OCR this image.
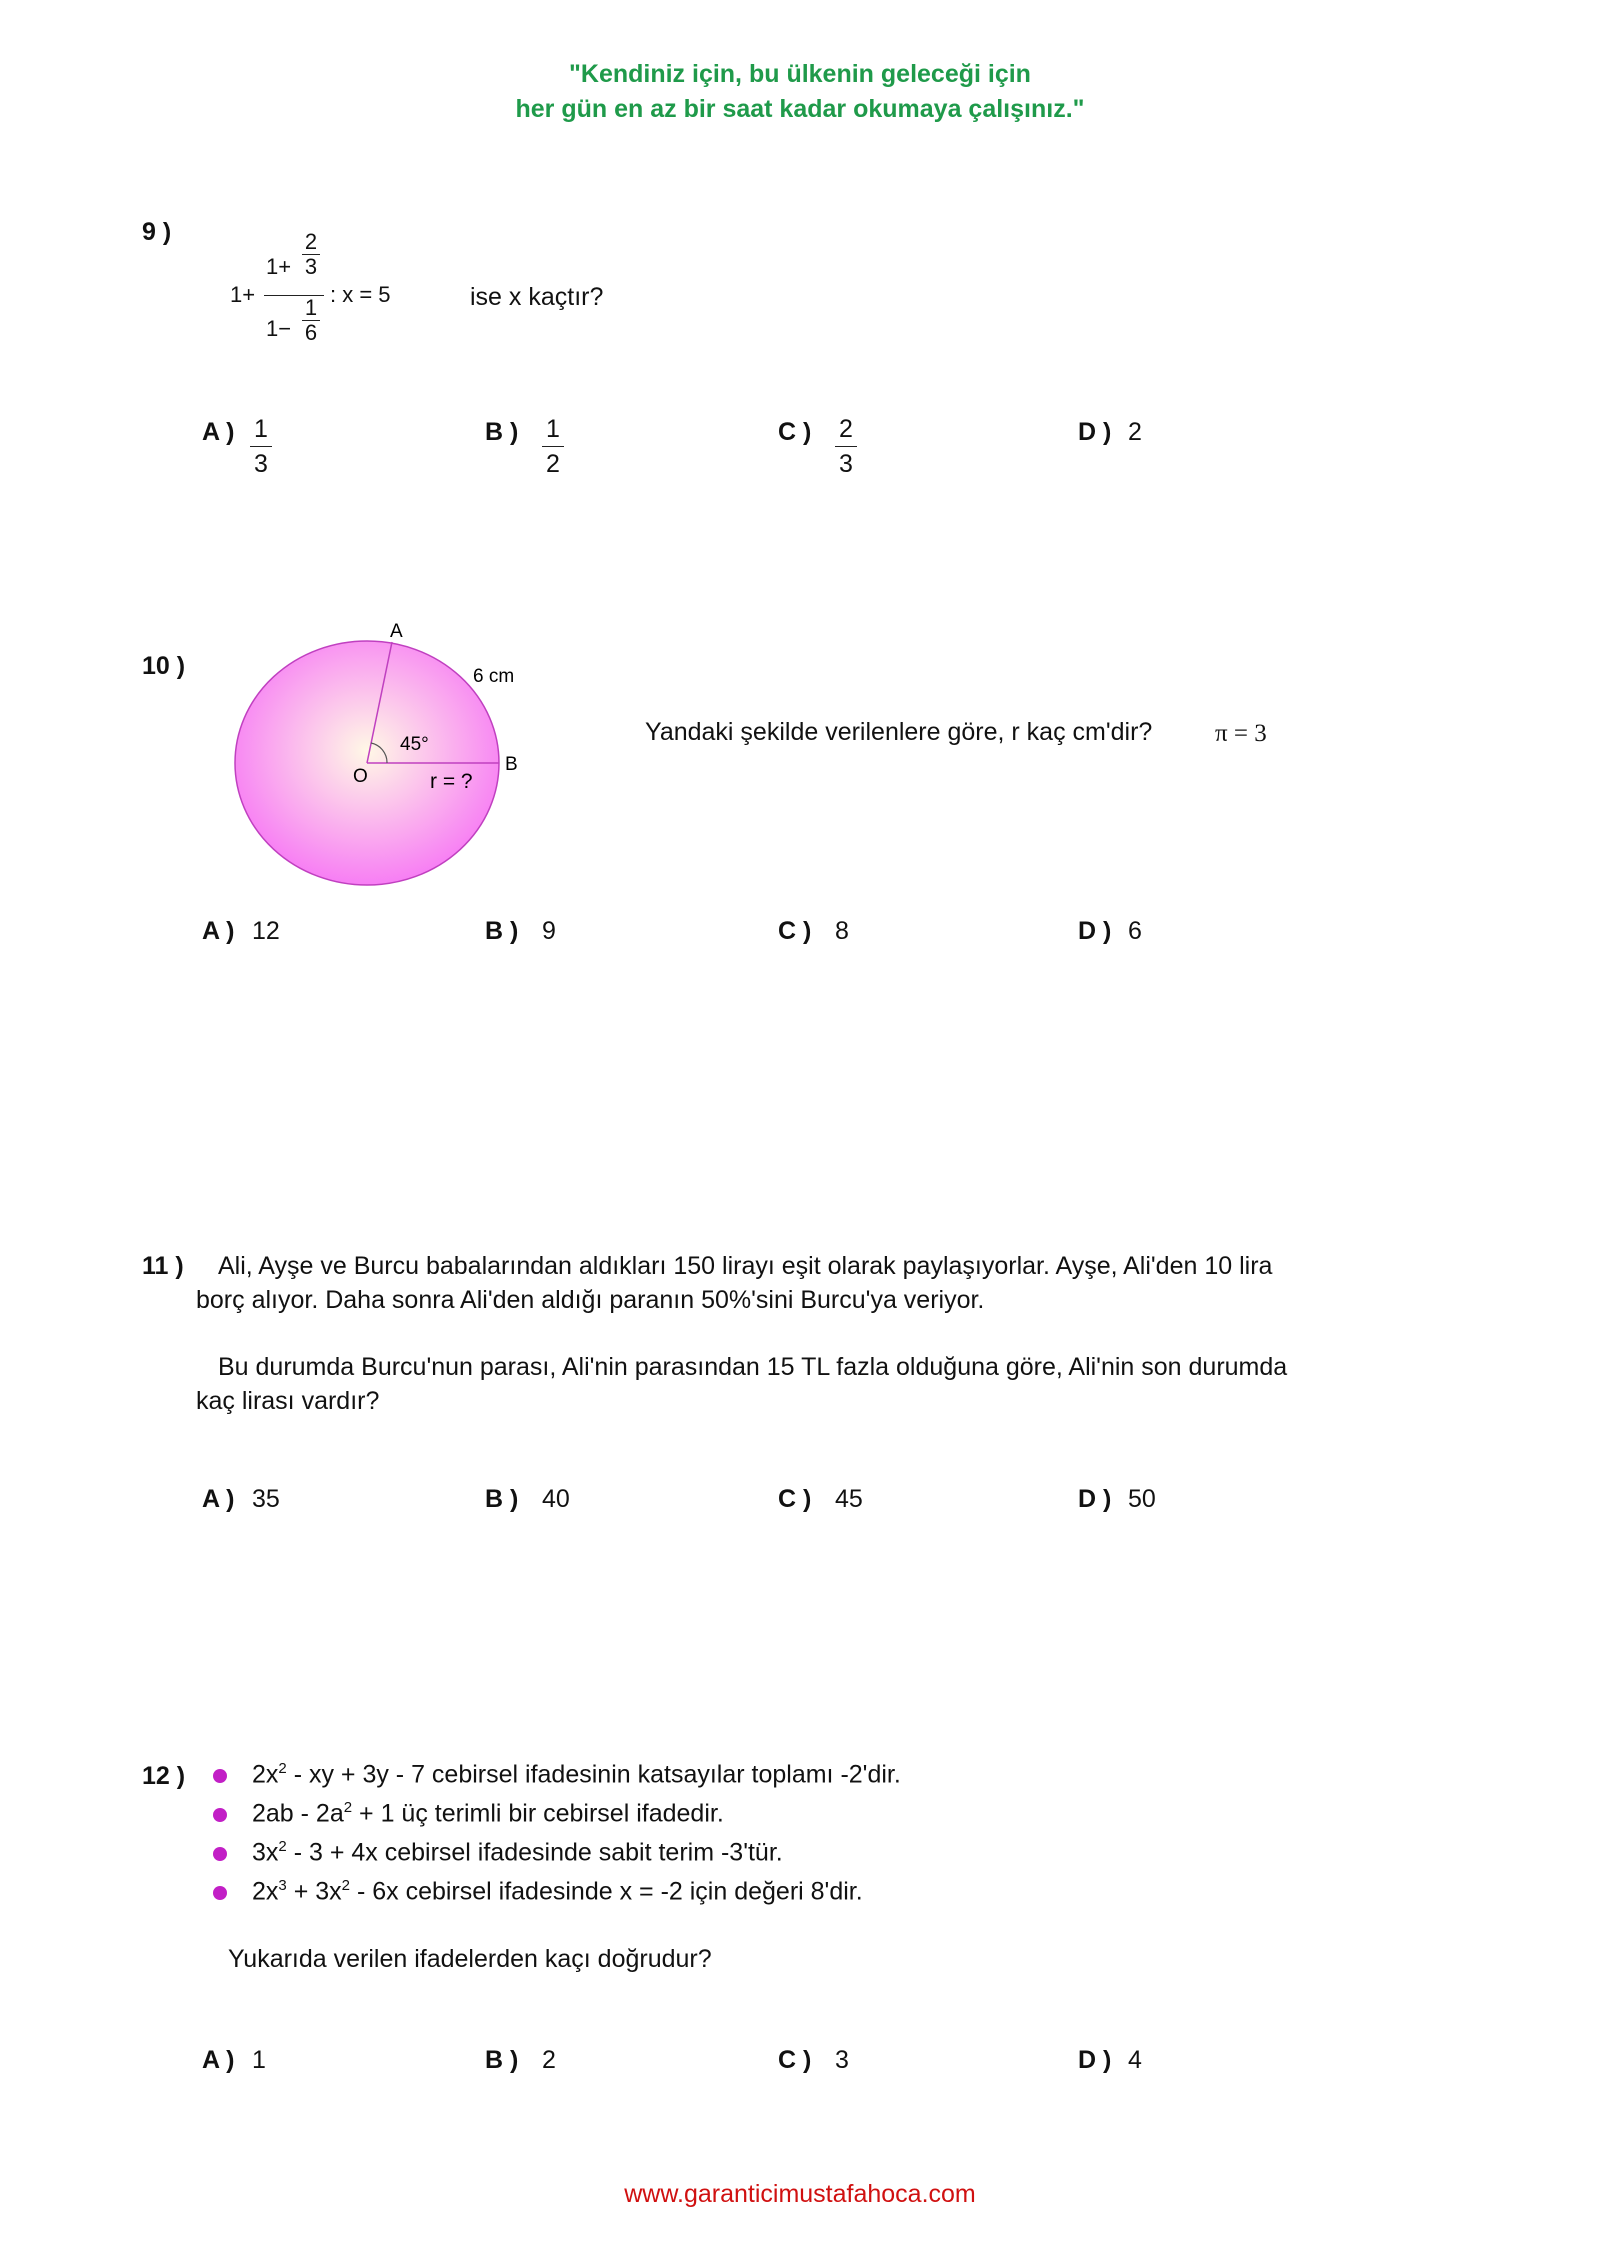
"Kendiniz için, bu ülkenin geleceği için
her gün en az bir saat kadar okumaya çalışınız."
9 )
1+
1+
2
3
1−
1
6
: x = 5	ise x kaçtır?
A ) 1
3
B ) 1
2
C ) 2
3
D ) 2
10 )
A
B
O
6 cm
45°
r = ?
Yandaki şekilde verilenlere göre, r kaç cm'dir?	π = 3
A ) 12	B ) 9	C ) 8	D ) 6
11 ) Ali, Ayşe ve Burcu babalarından aldıkları 150 lirayı eşit olarak paylaşıyorlar. Ayşe, Ali'den 10 lira
borç alıyor. Daha sonra Ali'den aldığı paranın 50%'sini Burcu'ya veriyor.
Bu durumda Burcu'nun parası, Ali'nin parasından 15 TL fazla olduğuna göre, Ali'nin son durumda
kaç lirası vardır?
A ) 35	B ) 40	C ) 45	D ) 50
12 )	$2x^2$ - xy + 3y - 7 cebirsel ifadesinin katsayılar toplamı -2'dir.
$2ab - 2a^2 + 1$ üç terimli bir cebirsel ifadedir.
$3x^2 - 3 + 4x$ cebirsel ifadesinde sabit terim -3'tür.
$2x^3 + 3x^2 - 6x$ cebirsel ifadesinde x = -2 için değeri 8'dir.
Yukarıda verilen ifadelerden kaçı doğrudur?
A ) 1	B ) 2	C ) 3	D ) 4
www.garanticimustafahoca.com
